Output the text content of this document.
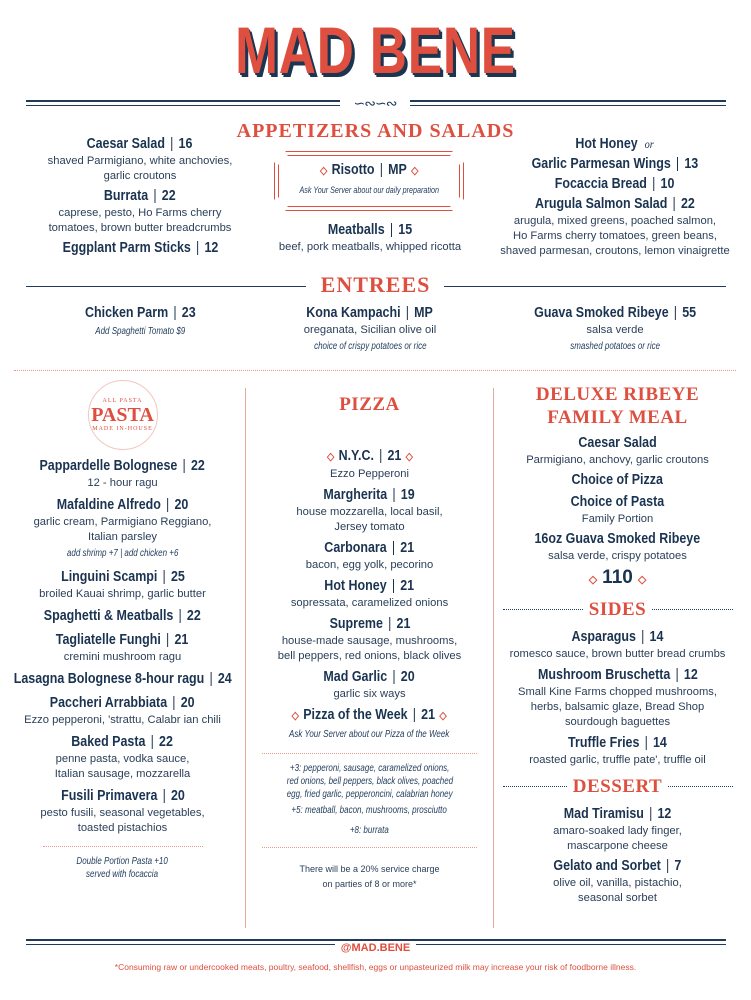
MAD BENE
∽∾∽∾
APPETIZERS AND SALADS
Caesar Salad | 16
shaved Parmigiano, white anchovies,
garlic croutons
Burrata | 22
caprese, pesto, Ho Farms cherry
tomatoes, brown butter breadcrumbs
Eggplant Parm Sticks | 12
◇ Risotto | MP ◇
Ask Your Server about our daily preparation
Meatballs | 15
beef, pork meatballs, whipped ricotta
Hot Honey or
Garlic Parmesan Wings | 13
Focaccia Bread | 10
Arugula Salmon Salad | 22
arugula, mixed greens, poached salmon,
Ho Farms cherry tomatoes, green beans,
shaved parmesan, croutons, lemon vinaigrette
ENTREES
Chicken Parm | 23
Add Spaghetti Tomato $9
Kona Kampachi | MP
oreganata, Sicilian olive oil
choice of crispy potatoes or rice
Guava Smoked Ribeye | 55
salsa verde
smashed potatoes or rice
ALL PASTA
PASTA
MADE IN-HOUSE
Pappardelle Bolognese | 22
12 - hour ragu
Mafaldine Alfredo | 20
garlic cream, Parmigiano Reggiano,
Italian parsley
add shrimp +7 | add chicken +6
Linguini Scampi | 25
broiled Kauai shrimp, garlic butter
Spaghetti & Meatballs | 22
Tagliatelle Funghi | 21
cremini mushroom ragu
Lasagna Bolognese 8-hour ragu | 24
Paccheri Arrabbiata | 20
Ezzo pepperoni, 'strattu, Calabr ian chili
Baked Pasta | 22
penne pasta, vodka sauce,
Italian sausage, mozzarella
Fusili Primavera | 20
pesto fusili, seasonal vegetables,
toasted pistachios
Double Portion Pasta +10
served with focaccia
PIZZA
◇ N.Y.C. | 21 ◇
Ezzo Pepperoni
Margherita | 19
house mozzarella, local basil,
Jersey tomato
Carbonara | 21
bacon, egg yolk, pecorino
Hot Honey | 21
sopressata, caramelized onions
Supreme | 21
house-made sausage, mushrooms,
bell peppers, red onions, black olives
Mad Garlic | 20
garlic six ways
◇ Pizza of the Week | 21 ◇
Ask Your Server about our Pizza of the Week
+3: pepperoni, sausage, caramelized onions,
red onions, bell peppers, black olives, poached
egg, fried garlic, pepperoncini, calabrian honey
+5: meatball, bacon, mushrooms, prosciutto
+8: burrata
There will be a 20% service charge
on parties of 8 or more*
DELUXE RIBEYE
FAMILY MEAL
Caesar Salad
Parmigiano, anchovy, garlic croutons
Choice of Pizza
Choice of Pasta
Family Portion
16oz Guava Smoked Ribeye
salsa verde, crispy potatoes
◇ 110 ◇
SIDES
Asparagus | 14
romesco sauce, brown butter bread crumbs
Mushroom Bruschetta | 12
Small Kine Farms chopped mushrooms,
herbs, balsamic glaze, Bread Shop
sourdough baguettes
Truffle Fries | 14
roasted garlic, truffle pate', truffle oil
DESSERT
Mad Tiramisu | 12
amaro-soaked lady finger,
mascarpone cheese
Gelato and Sorbet | 7
olive oil, vanilla, pistachio,
seasonal sorbet
@MAD.BENE
*Consuming raw or undercooked meats, poultry, seafood, shellfish, eggs or unpasteurized milk may increase your risk of foodborne illness.
